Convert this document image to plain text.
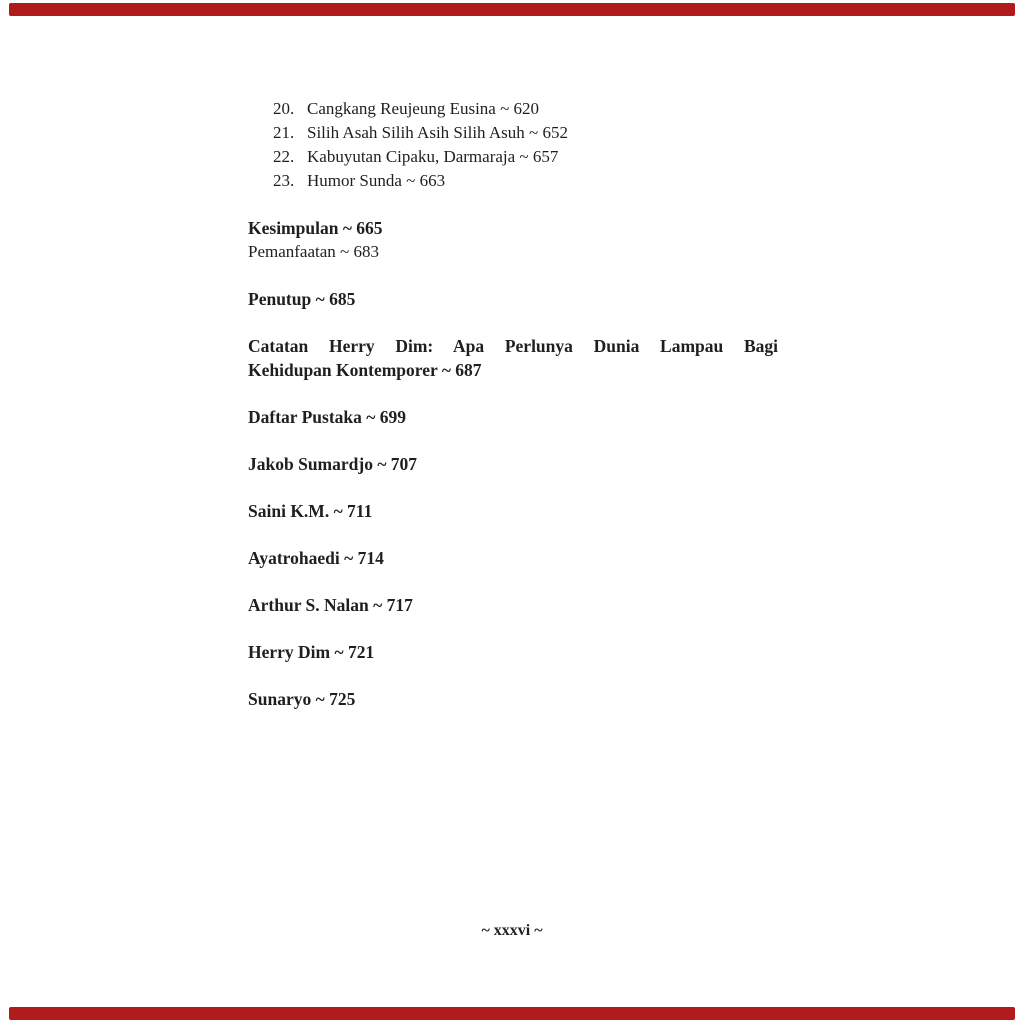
20. Cangkang Reujeung Eusina ~ 620
21. Silih Asah Silih Asih Silih Asuh ~ 652
22. Kabuyutan Cipaku, Darmaraja ~ 657
23. Humor Sunda ~ 663
Kesimpulan ~ 665
Pemanfaatan ~ 683
Penutup ~ 685
Catatan Herry Dim: Apa Perlunya Dunia Lampau Bagi
Kehidupan Kontemporer ~ 687
Daftar Pustaka ~ 699
Jakob Sumardjo ~ 707
Saini K.M. ~ 711
Ayatrohaedi ~ 714
Arthur S. Nalan ~ 717
Herry Dim ~ 721
Sunaryo ~ 725
~ xxxvi ~
